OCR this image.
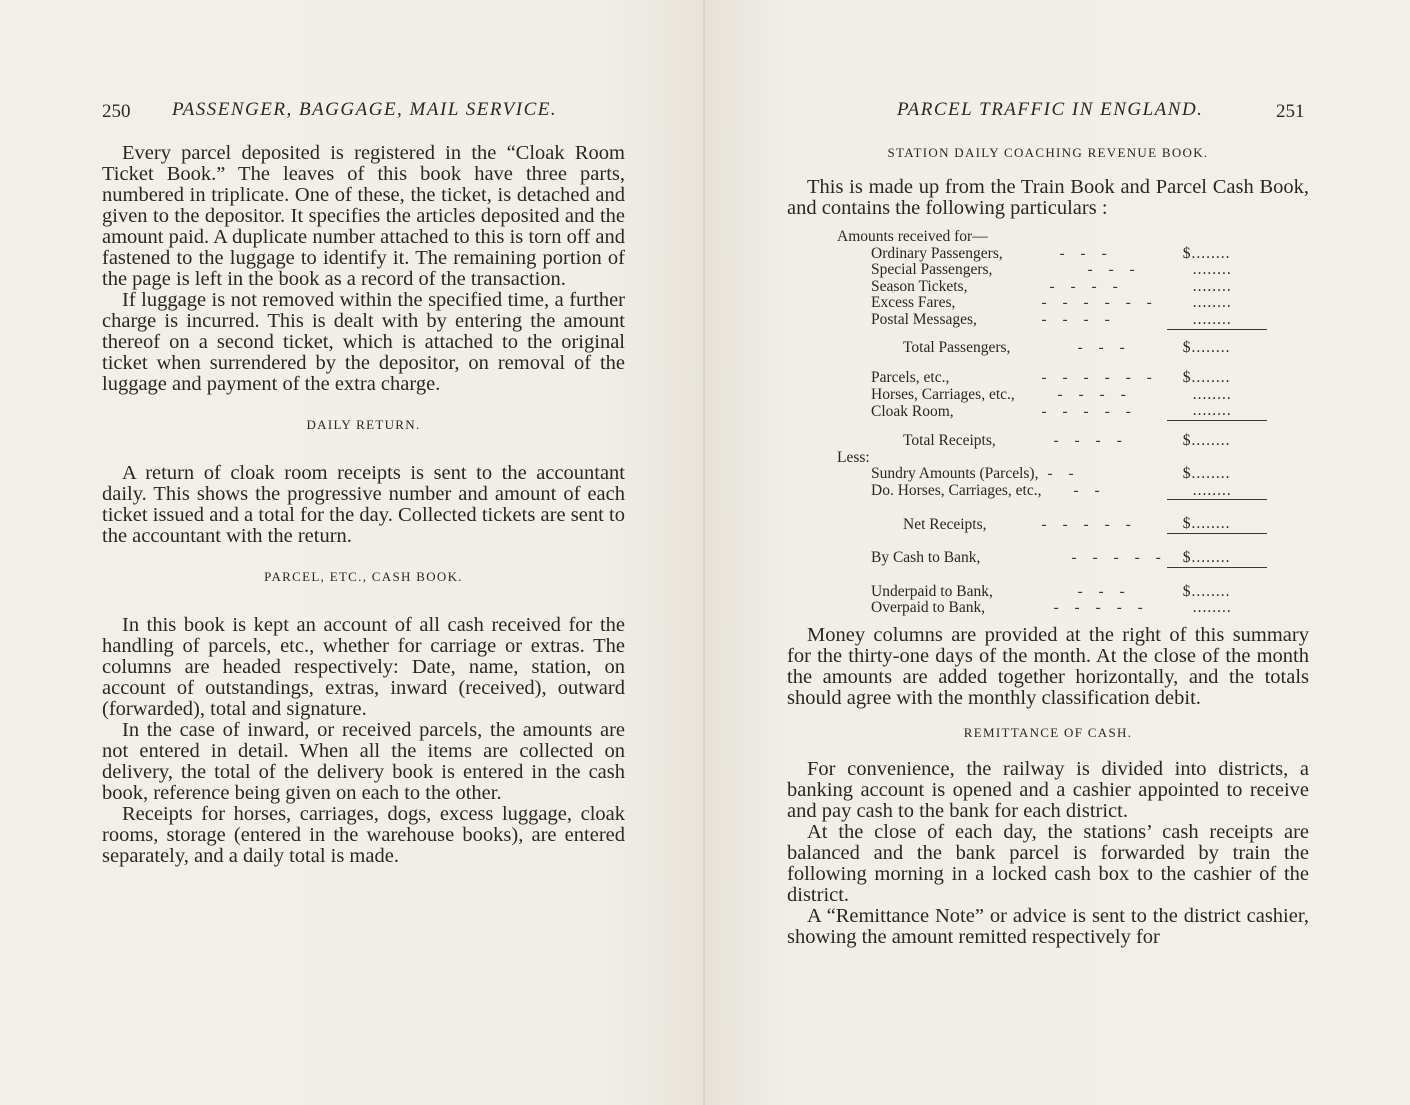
250 PASSENGER, BAGGAGE, MAIL SERVICE.

Every parcel deposited is registered in the “Cloak Room Ticket Book.” The leaves of this book have three parts, numbered in triplicate. One of these, the ticket, is detached and given to the depositor. It specifies the articles deposited and the amount paid. A duplicate number attached to this is torn off and fastened to the luggage to identify it. The remaining portion of the page is left in the book as a record of the transaction.

If luggage is not removed within the specified time, a further charge is incurred. This is dealt with by entering the amount thereof on a second ticket, which is attached to the original ticket when surrendered by the depositor, on removal of the luggage and payment of the extra charge.

DAILY RETURN.

A return of cloak room receipts is sent to the accountant daily. This shows the progressive number and amount of each ticket issued and a total for the day. Collected tickets are sent to the accountant with the return.

PARCEL, ETC., CASH BOOK.

In this book is kept an account of all cash received for the handling of parcels, etc., whether for carriage or extras. The columns are headed respectively: Date, name, station, on account of outstandings, extras, inward (received), outward (forwarded), total and signature.

In the case of inward, or received parcels, the amounts are not entered in detail. When all the items are collected on delivery, the total of the delivery book is entered in the cash book, reference being given on each to the other.

Receipts for horses, carriages, dogs, excess luggage, cloak rooms, storage (entered in the warehouse books), are entered separately, and a daily total is made.

PARCEL TRAFFIC IN ENGLAND.	251
STATION DAILY COACHING REVENUE BOOK.

This is made up from the Train Book and Parcel Cash Book, and contains the following particulars :

Amounts received for—		
Ordinary Passengers,	- - -	$........
Special Passengers,	- - -	........
Season Tickets,	- - - -	........
Excess Fares,	- - - - - -	........
Postal Messages,	- - - -	........
Total Passengers,	- - -	$........
Parcels, etc.,	- - - - - -	$........
Horses, Carriages, etc.,	- - - -	........
Cloak Room,	- - - - -	........
Total Receipts,	- - - -	$........
Less:		
Sundry Amounts (Parcels),	- -	$........
Do. Horses, Carriages, etc.,	- -	........
Net Receipts,	- - - - -	$........
By Cash to Bank,	- - - - -	$........
Underpaid to Bank,	- - -	$........
Overpaid to Bank,	- - - - -	........

Money columns are provided at the right of this summary for the thirty-one days of the month. At the close of the month the amounts are added together horizontally, and the totals should agree with the monthly classification debit.

REMITTANCE OF CASH.

For convenience, the railway is divided into districts, a banking account is opened and a cashier appointed to receive and pay cash to the bank for each district.

At the close of each day, the stations’ cash receipts are balanced and the bank parcel is forwarded by train the following morning in a locked cash box to the cashier of the district.

A “Remittance Note” or advice is sent to the district cashier, showing the amount remitted respectively for
